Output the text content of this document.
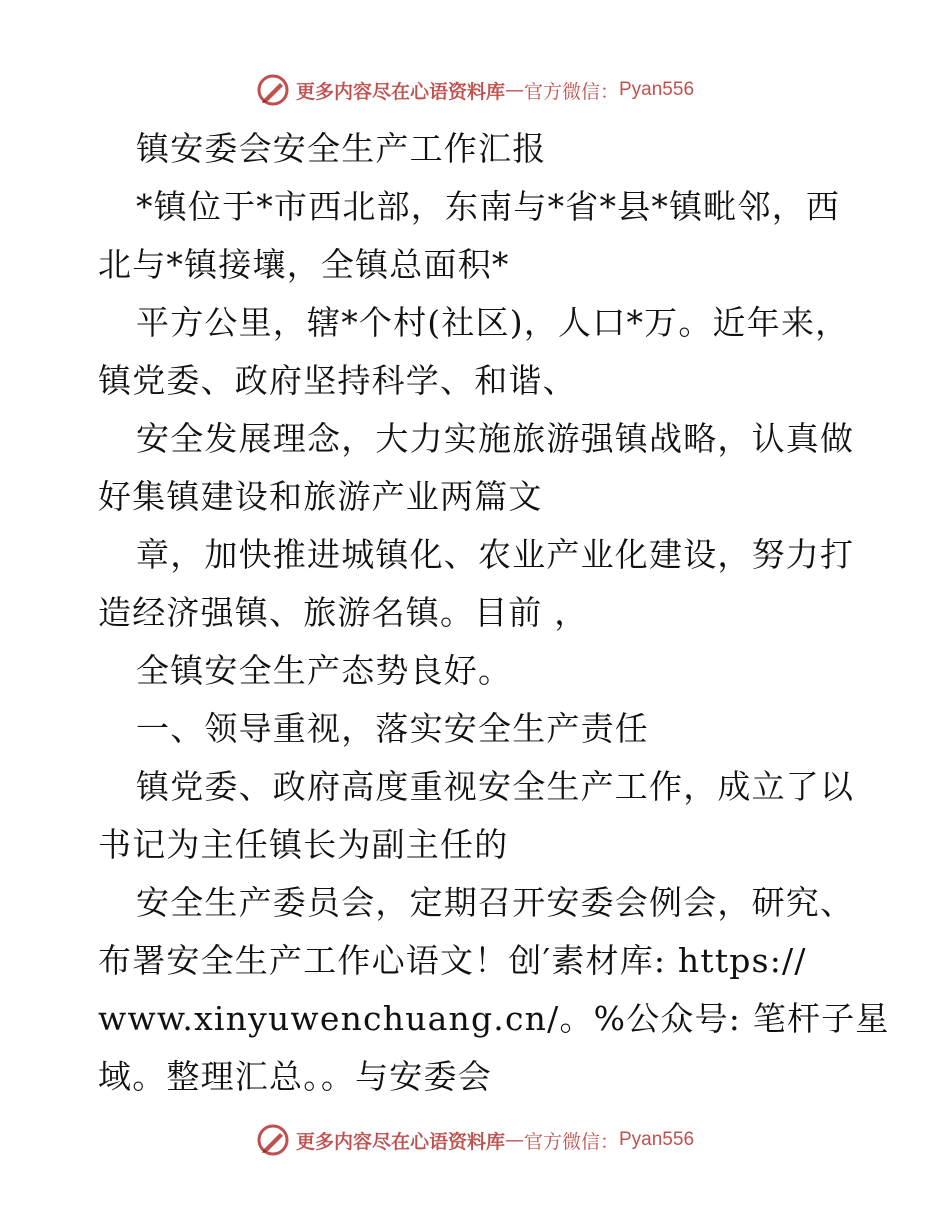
更多内容尽在心语资料库 — 官方微信： Pyan556
镇安委会安全生产工作汇报
*镇位于*市西北部，东南与*省*县*镇毗邻，西
北与*镇接壤，全镇总面积*
平方公里，辖*个村(社区)，人口*万。近年来，
镇党委、政府坚持科学、和谐、
安全发展理念，大力实施旅游强镇战略，认真做
好集镇建设和旅游产业两篇文
章，加快推进城镇化、农业产业化建设，努力打
造经济强镇、旅游名镇。目前 ，
全镇安全生产态势良好。
一、领导重视，落实安全生产责任
镇党委、政府高度重视安全生产工作，成立了以
书记为主任镇长为副主任的
安全生产委员会，定期召开安委会例会，研究、
布署安全生产工作心语文！创′素材库: https://
www.xinyuwenchuang.cn/。%公众号: 笔杆子星
域。整理汇总。。与安委会
更多内容尽在心语资料库 — 官方微信： Pyan556
